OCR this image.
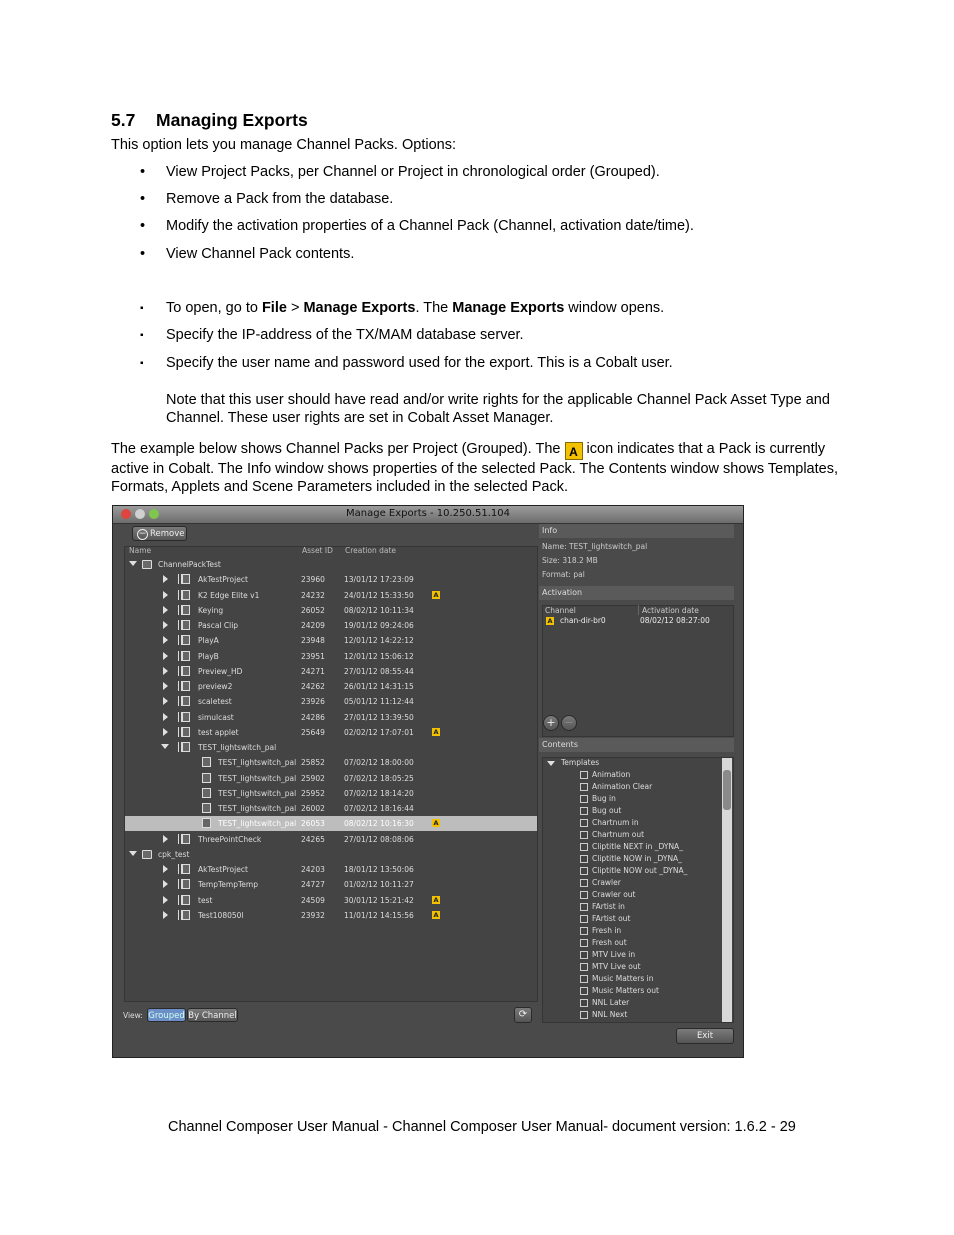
5.7 Managing Exports
This option lets you manage Channel Packs. Options:
• View Project Packs, per Channel or Project in chronological order (Grouped).
• Remove a Pack from the database.
• Modify the activation properties of a Channel Pack (Channel, activation date/time).
• View Channel Pack contents.
▪ To open, go to File > Manage Exports. The Manage Exports window opens.
▪ Specify the IP-address of the TX/MAM database server.
▪ Specify the user name and password used for the export. This is a Cobalt user.
Note that this user should have read and/or write rights for the applicable Channel Pack Asset Type and Channel. These user rights are set in Cobalt Asset Manager.
The example below shows Channel Packs per Project (Grouped). The A icon indicates that a Pack is currently active in Cobalt. The Info window shows properties of the selected Pack. The Contents window shows Templates, Formats, Applets and Scene Parameters included in the selected Pack.
Manage Exports - 10.250.51.104
− Remove
Name	Asset ID Creation date
ChannelPackTest
AkTestProject	23960	13/01/12 17:23:09
K2 Edge Elite v1	24232	24/01/12 15:33:50	A
Keying	26052	08/02/12 10:11:34
Pascal Clip	24209	19/01/12 09:24:06
PlayA	23948	12/01/12 14:22:12
PlayB	23951	12/01/12 15:06:12
Preview_HD	24271	27/01/12 08:55:44
preview2	24262	26/01/12 14:31:15
scaletest	23926	05/01/12 11:12:44
simulcast	24286	27/01/12 13:39:50
test applet	25649	02/02/12 17:07:01	A
TEST_lightswitch_pal
TEST_lightswitch_pal 25852	07/02/12 18:00:00
TEST_lightswitch_pal 25902	07/02/12 18:05:25
TEST_lightswitch_pal 25952	07/02/12 18:14:20
TEST_lightswitch_pal 26002	07/02/12 18:16:44
TEST_lightswitch_pal 26053	08/02/12 10:16:30	A
ThreePointCheck	24265	27/01/12 08:08:06
cpk_test
AkTestProject	24203	18/01/12 13:50:06
TempTempTemp	24727	01/02/12 10:11:27
test	24509	30/01/12 15:21:42	A
Test108050l	23932	11/01/12 14:15:56	A
View: Grouped By Channel	⟳
Info
Name: TEST_lightswitch_pal
Size: 318.2 MB
Format: pal
Activation
Channel	Activation date
A chan-dir-br0	08/02/12 08:27:00
+ −
Contents
Templates
Animation
Animation Clear
Bug in
Bug out
Chartnum in
Chartnum out
Cliptitle NEXT in _DYNA_
Cliptitle NOW in _DYNA_
Cliptitle NOW out _DYNA_
Crawler
Crawler out
FArtist in
FArtist out
Fresh in
Fresh out
MTV Live in
MTV Live out
Music Matters in
Music Matters out
NNL Later
NNL Next
Exit
Channel Composer User Manual - Channel Composer User Manual- document version: 1.6.2 - 29
